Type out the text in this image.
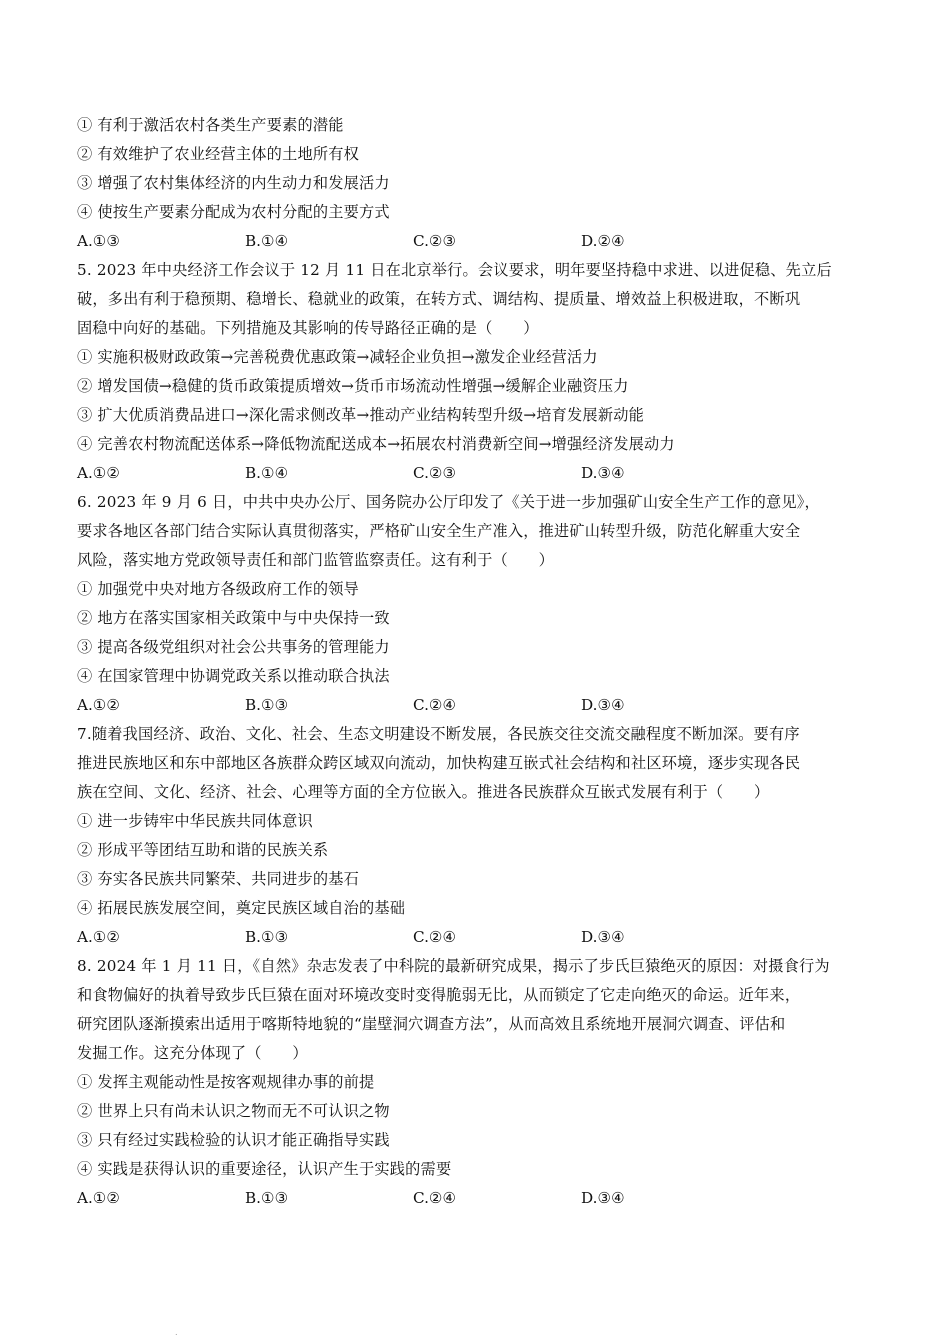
① 有利于激活农村各类生产要素的潜能
② 有效维护了农业经营主体的土地所有权
③ 增强了农村集体经济的内生动力和发展活力
④ 使按生产要素分配成为农村分配的主要方式
A.①③	B.①④	C.②③	D.②④
5. 2023 年中央经济工作会议于 12 月 11 日在北京举行。会议要求，明年要坚持稳中求进、以进促稳、先立后
破，多出有利于稳预期、稳增长、稳就业的政策，在转方式、调结构、提质量、增效益上积极进取，不断巩
固稳中向好的基础。下列措施及其影响的传导路径正确的是（　　）
① 实施积极财政政策→完善税费优惠政策→减轻企业负担→激发企业经营活力
② 增发国债→稳健的货币政策提质增效→货币市场流动性增强→缓解企业融资压力
③ 扩大优质消费品进口→深化需求侧改革→推动产业结构转型升级→培育发展新动能
④ 完善农村物流配送体系→降低物流配送成本→拓展农村消费新空间→增强经济发展动力
A.①②	B.①④	C.②③	D.③④
6. 2023 年 9 月 6 日，中共中央办公厅、国务院办公厅印发了《关于进一步加强矿山安全生产工作的意见》，
要求各地区各部门结合实际认真贯彻落实，严格矿山安全生产准入，推进矿山转型升级，防范化解重大安全
风险，落实地方党政领导责任和部门监管监察责任。这有利于（　　）
① 加强党中央对地方各级政府工作的领导
② 地方在落实国家相关政策中与中央保持一致
③ 提高各级党组织对社会公共事务的管理能力
④ 在国家管理中协调党政关系以推动联合执法
A.①②	B.①③	C.②④	D.③④
7.随着我国经济、政治、文化、社会、生态文明建设不断发展，各民族交往交流交融程度不断加深。要有序
推进民族地区和东中部地区各族群众跨区域双向流动，加快构建互嵌式社会结构和社区环境，逐步实现各民
族在空间、文化、经济、社会、心理等方面的全方位嵌入。推进各民族群众互嵌式发展有利于（　　）
① 进一步铸牢中华民族共同体意识
② 形成平等团结互助和谐的民族关系
③ 夯实各民族共同繁荣、共同进步的基石
④ 拓展民族发展空间，奠定民族区域自治的基础
A.①②	B.①③	C.②④	D.③④
8. 2024 年 1 月 11 日，《自然》杂志发表了中科院的最新研究成果，揭示了步氏巨猿绝灭的原因：对摄食行为
和食物偏好的执着导致步氏巨猿在面对环境改变时变得脆弱无比，从而锁定了它走向绝灭的命运。近年来，
研究团队逐渐摸索出适用于喀斯特地貌的“崖壁洞穴调查方法”，从而高效且系统地开展洞穴调查、评估和
发掘工作。这充分体现了（　　）
① 发挥主观能动性是按客观规律办事的前提
② 世界上只有尚未认识之物而无不可认识之物
③ 只有经过实践检验的认识才能正确指导实践
④ 实践是获得认识的重要途径，认识产生于实践的需要
A.①②	B.①③	C.②④	D.③④
.
